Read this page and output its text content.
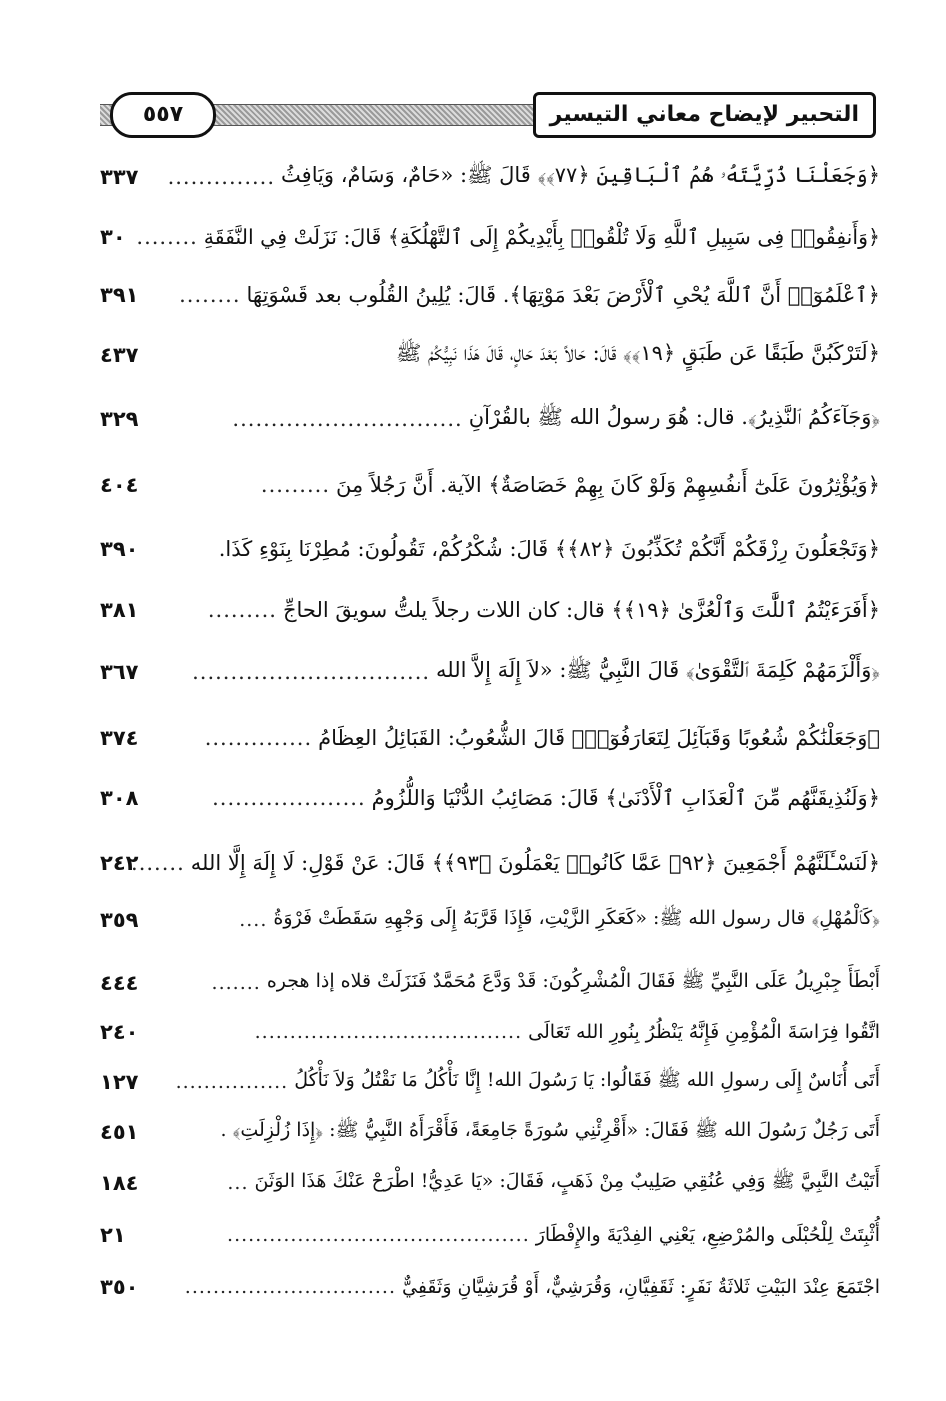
٥٥٧	التحبير لإيضاح معاني التيسير
﴿وَجَعَلْنَا ذُرِّيَّتَهُۥ هُمُ ٱلْبَاقِينَ ﴿٧٧﴾﴾ قَالَ ﷺ: «حَامٌ، وَسَامٌ، وَيَافِثُ
..............
٣٣٧
﴿وَأَنفِقُوا۟ فِى سَبِيلِ ٱللَّهِ وَلَا تُلْقُوا۟ بِأَيْدِيكُمْ إِلَى ٱلتَّهْلُكَةِ﴾ قَالَ: نَزَلَتْ فِي النَّفَقَةِ
........
٣٠
﴿ٱعْلَمُوٓا۟ أَنَّ ٱللَّهَ يُحْىِ ٱلْأَرْضَ بَعْدَ مَوْتِهَا﴾. قَالَ: يُلِينُ القُلُوب بعد قَسْوَتِهَا
........
٣٩١
﴿لَتَرْكَبُنَّ طَبَقًا عَن طَبَقٍ ﴿١٩﴾﴾ قَالَ: حَالاً بَعْدَ حَالٍ، قَالَ هَذَا نَبِيُّكُمْ ﷺ
٤٣٧
﴿وَجَآءَكُمُ ٱلنَّذِيرُ﴾. قال: هُوَ رسولُ الله ﷺ بالقُرْآنِ
..............................
٣٢٩
﴿وَيُؤْثِرُونَ عَلَىٰٓ أَنفُسِهِمْ وَلَوْ كَانَ بِهِمْ خَصَاصَةٌ﴾ الآية. أَنَّ رَجُلاً مِنَ
.........
٤٠٤
﴿وَتَجْعَلُونَ رِزْقَكُمْ أَنَّكُمْ تُكَذِّبُونَ ﴿٨٢﴾﴾ قَالَ: شُكْرُكُمْ، تَقُولُونَ: مُطِرْنَا بِنَوْءِ كَذَا.
٣٩٠
﴿أَفَرَءَيْتُمُ ٱللَّٰتَ وَٱلْعُزَّىٰ ﴿١٩﴾﴾ قال: كان اللات رجلاً يلتُّ سويقَ الحاجِّ
.........
٣٨١
﴿وَأَلْزَمَهُمْ كَلِمَةَ ٱلتَّقْوَىٰ﴾ قَالَ النَّبِيُّ ﷺ: «لاَ إِلَهَ إِلاَّ الله
...............................
٣٦٧
﴿وَجَعَلْنَٰكُمْ شُعُوبًا وَقَبَآئِلَ لِتَعَارَفُوٓا۟﴾ قَالَ الشُّعُوبُ: القَبَائِلُ العِظَامُ
..............
٣٧٤
﴿وَلَنُذِيقَنَّهُم مِّنَ ٱلْعَذَابِ ٱلْأَدْنَىٰ﴾ قَالَ: مَصَائِبُ الدُّنْيَا وَاللُّزُومُ
....................
٣٠٨
﴿لَنَسْـَٔلَنَّهُمْ أَجْمَعِينَ ﴿٩٢﴾ عَمَّا كَانُوا۟ يَعْمَلُونَ ﴿٩٣﴾﴾ قَالَ: عَنْ قَوْلِ: لَا إِلَهَ إِلَّا الله
.......
٢٤٢
﴿كَٱلْمُهْلِ﴾ قال رسول الله ﷺ: «كَعَكَرِ الزَّيْتِ، فَإِذَا قَرَّبَهُ إِلَى وَجْهِهِ سَقَطَتْ فَرْوَةُ
....
٣٥٩
أَبْطَأَ جِبْرِيلُ عَلَى النَّبِيِّ ﷺ فَقَالَ الْمُشْرِكُونَ: قَدْ وَدَّعَ مُحَمَّدٌ فَنَزَلَتْ قلاه إذا هجره
.......
٤٤٤
اتَّقُوا فِرَاسَةَ الْمُؤْمِنِ فَإِنَّهُ يَنْظُرُ بِنُورِ الله تَعَالَى
......................................
٢٤٠
أَتَى أُنَاسٌ إِلَى رسولِ الله ﷺ فَقَالُوا: يَا رَسُولَ الله! إِنَّا نَأْكُلُ مَا نَقْتُلُ وَلاَ نَأْكُلُ
................
١٢٧
أَتَى رَجُلٌ رَسُولَ الله ﷺ فَقَالَ: «أَقْرِئْنِي سُورَةً جَامِعَةً، فَأَقْرَأَهُ النَّبِيُّ ﷺ: ﴿إِذَا زُلْزِلَتِ﴾ .
٤٥١
أَتَيْتُ النَّبِيَّ ﷺ وَفِي عُنُقِي صَلِيبٌ مِنْ ذَهَبٍ، فَقَالَ: «يَا عَدِيُّ! اطْرَحْ عَنْكَ هَذَا الوَثَنَ
...
١٨٤
أُثْبِتَتْ لِلْحُبْلَى والمُرْضِعِ، يَعْنِي الفِدْيَةَ والإِفْطَارَ
...........................................
٢١
اجْتَمَعَ عِنْدَ البَيْتِ ثَلاثَةُ نَفَرٍ: ثَقَفِيَّانِ، وَقُرَشِيٌّ، أَوْ قُرَشِيَّانِ وَثَقَفِيٌّ
..............................
٣٥٠
